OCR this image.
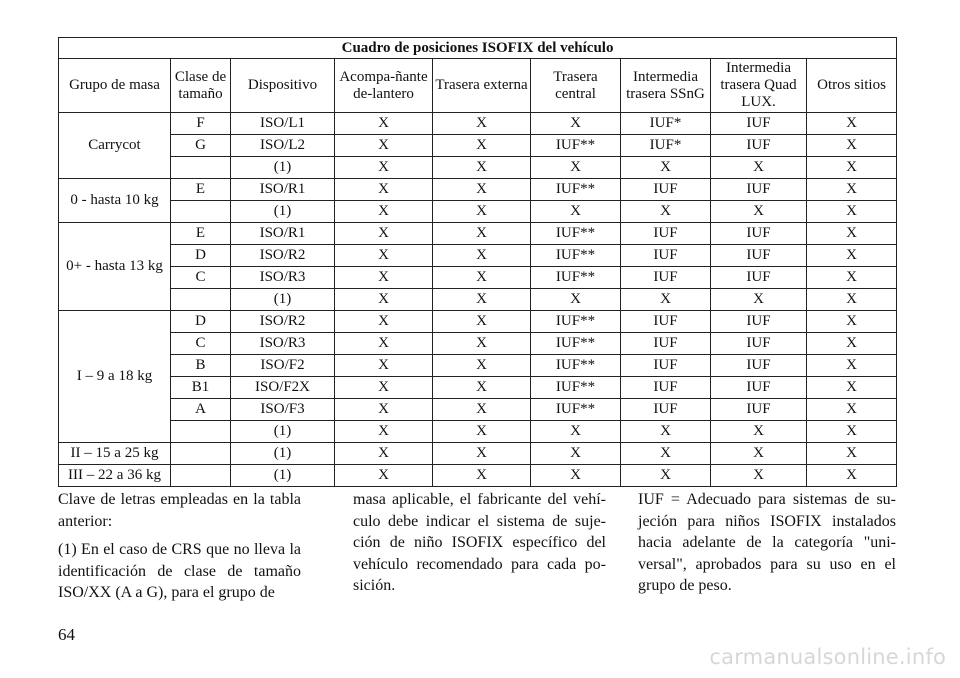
Cuadro de posiciones ISOFIX del vehículo								
Grupo de masa	Clase de tamaño	Dispositivo	Acompa-ñante de-lantero	Trasera externa	Trasera central	Intermedia trasera SSnG	Intermedia trasera Quad LUX.	Otros sitios
Carrycot	F	ISO/L1	X	X	X	IUF*	IUF	X
	G	ISO/L2	X	X	IUF**	IUF*	IUF	X
		(1)	X	X	X	X	X	X
0 - hasta 10 kg	E	ISO/R1	X	X	IUF**	IUF	IUF	X
		(1)	X	X	X	X	X	X
0+ - hasta 13 kg	E	ISO/R1	X	X	IUF**	IUF	IUF	X
	D	ISO/R2	X	X	IUF**	IUF	IUF	X
	C	ISO/R3	X	X	IUF**	IUF	IUF	X
		(1)	X	X	X	X	X	X
I – 9 a 18 kg	D	ISO/R2	X	X	IUF**	IUF	IUF	X
	C	ISO/R3	X	X	IUF**	IUF	IUF	X
	B	ISO/F2	X	X	IUF**	IUF	IUF	X
	B1	ISO/F2X	X	X	IUF**	IUF	IUF	X
	A	ISO/F3	X	X	IUF**	IUF	IUF	X
		(1)	X	X	X	X	X	X
II – 15 a 25 kg		(1)	X	X	X	X	X	X
III – 22 a 36 kg		(1)	X	X	X	X	X	X

Clave de letras empleadas en la tabla anterior:

(1) En el caso de CRS que no lleva la identificación de clase de tamaño ISO/XX (A a G), para el grupo de

masa aplicable, el fabricante del vehí-culo debe indicar el sistema de suje-ción de niño ISOFIX específico del vehículo recomendado para cada po-sición.

IUF = Adecuado para sistemas de su-jeción para niños ISOFIX instalados hacia adelante de la categoría "uni-versal", aprobados para su uso en el grupo de peso.

64
carmanualsonline.info
